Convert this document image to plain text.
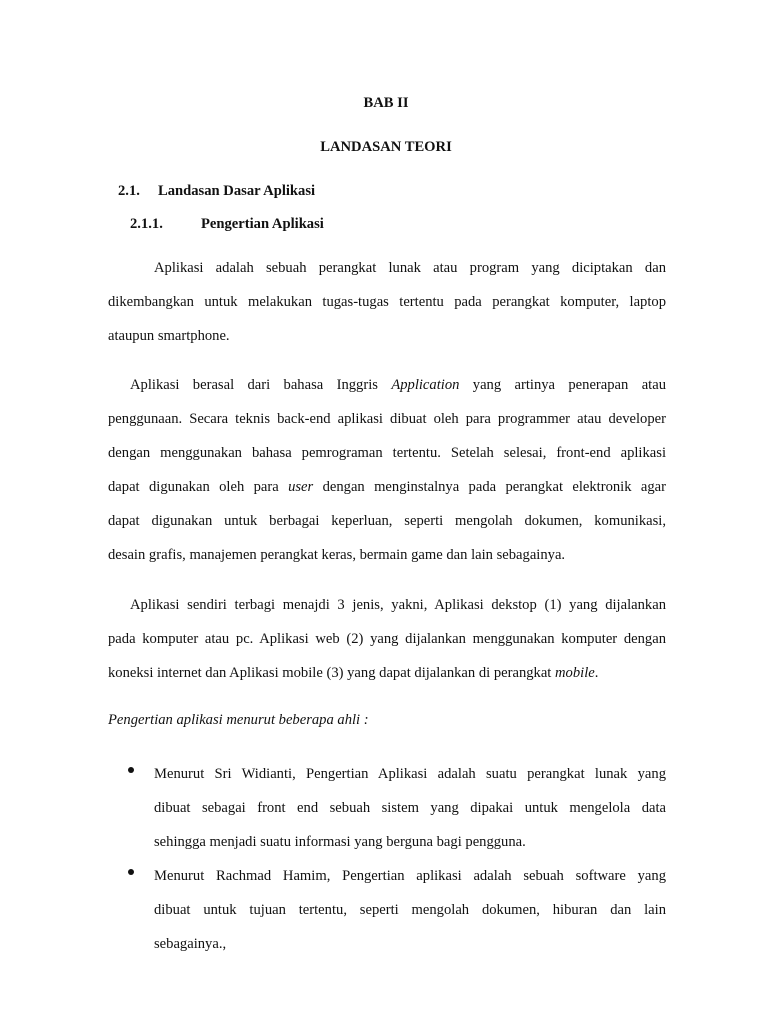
BAB II
LANDASAN TEORI
2.1. Landasan Dasar Aplikasi
2.1.1.	Pengertian Aplikasi
Aplikasi adalah sebuah perangkat lunak atau program yang diciptakan dan
dikembangkan untuk melakukan tugas-tugas tertentu pada perangkat komputer, laptop
ataupun smartphone.
Aplikasi berasal dari bahasa Inggris Application yang artinya penerapan atau
penggunaan. Secara teknis back-end aplikasi dibuat oleh para programmer atau developer
dengan menggunakan bahasa pemrograman tertentu. Setelah selesai, front-end aplikasi
dapat digunakan oleh para user dengan menginstalnya pada perangkat elektronik agar
dapat digunakan untuk berbagai keperluan, seperti mengolah dokumen, komunikasi,
desain grafis, manajemen perangkat keras, bermain game dan lain sebagainya.
Aplikasi sendiri terbagi menajdi 3 jenis, yakni, Aplikasi dekstop (1) yang dijalankan
pada komputer atau pc. Aplikasi web (2) yang dijalankan menggunakan komputer dengan
koneksi internet dan Aplikasi mobile (3) yang dapat dijalankan di perangkat mobile.
Pengertian aplikasi menurut beberapa ahli :
Menurut Sri Widianti, Pengertian Aplikasi adalah suatu perangkat lunak yang
dibuat sebagai front end sebuah sistem yang dipakai untuk mengelola data
sehingga menjadi suatu informasi yang berguna bagi pengguna.
Menurut Rachmad Hamim, Pengertian aplikasi adalah sebuah software yang
dibuat untuk tujuan tertentu, seperti mengolah dokumen, hiburan dan lain
sebagainya.,
